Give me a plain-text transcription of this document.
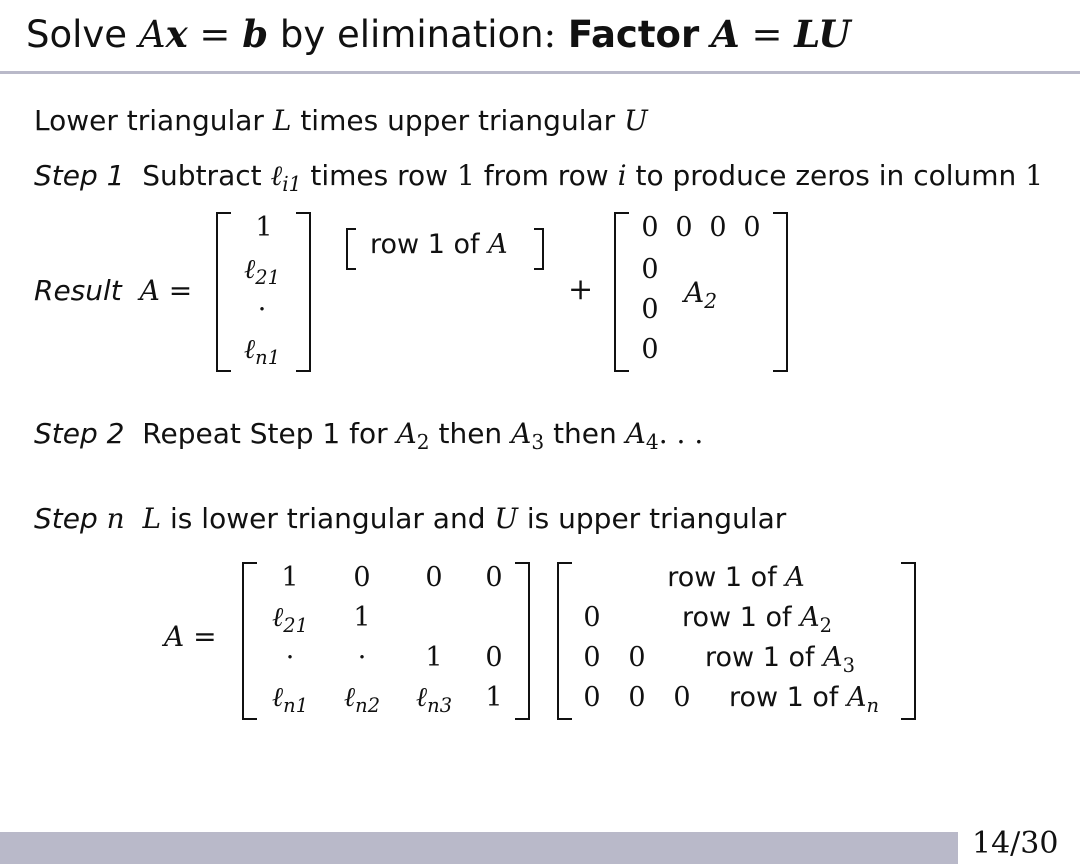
Solve Ax = b by elimination: Factor A = LU
Lower triangular L times upper triangular U
Step 1 Subtract ℓ$_{i1}$ times row 1 from row i to produce zeros in column 1
Result A =
1
ℓ$_{21}$
·
ℓ$_{n1}$
row 1 of A
+
0 0 0 0
0
0
0
$A_2$
Step 2 Repeat Step 1 for $A_2$ then $A_3$ then $A_4$. . .
Step n L is lower triangular and U is upper triangular
A =
1 0 0 0
ℓ$_{21}$ 1
· · 1 0
ℓ$_{n1}$ ℓ$_{n2}$ ℓ$_{n3}$ 1
row 1 of A
0	row 1 of $A_2$
0 0 row 1 of $A_3$
0 0 0 row 1 of $A_n$
14/30
